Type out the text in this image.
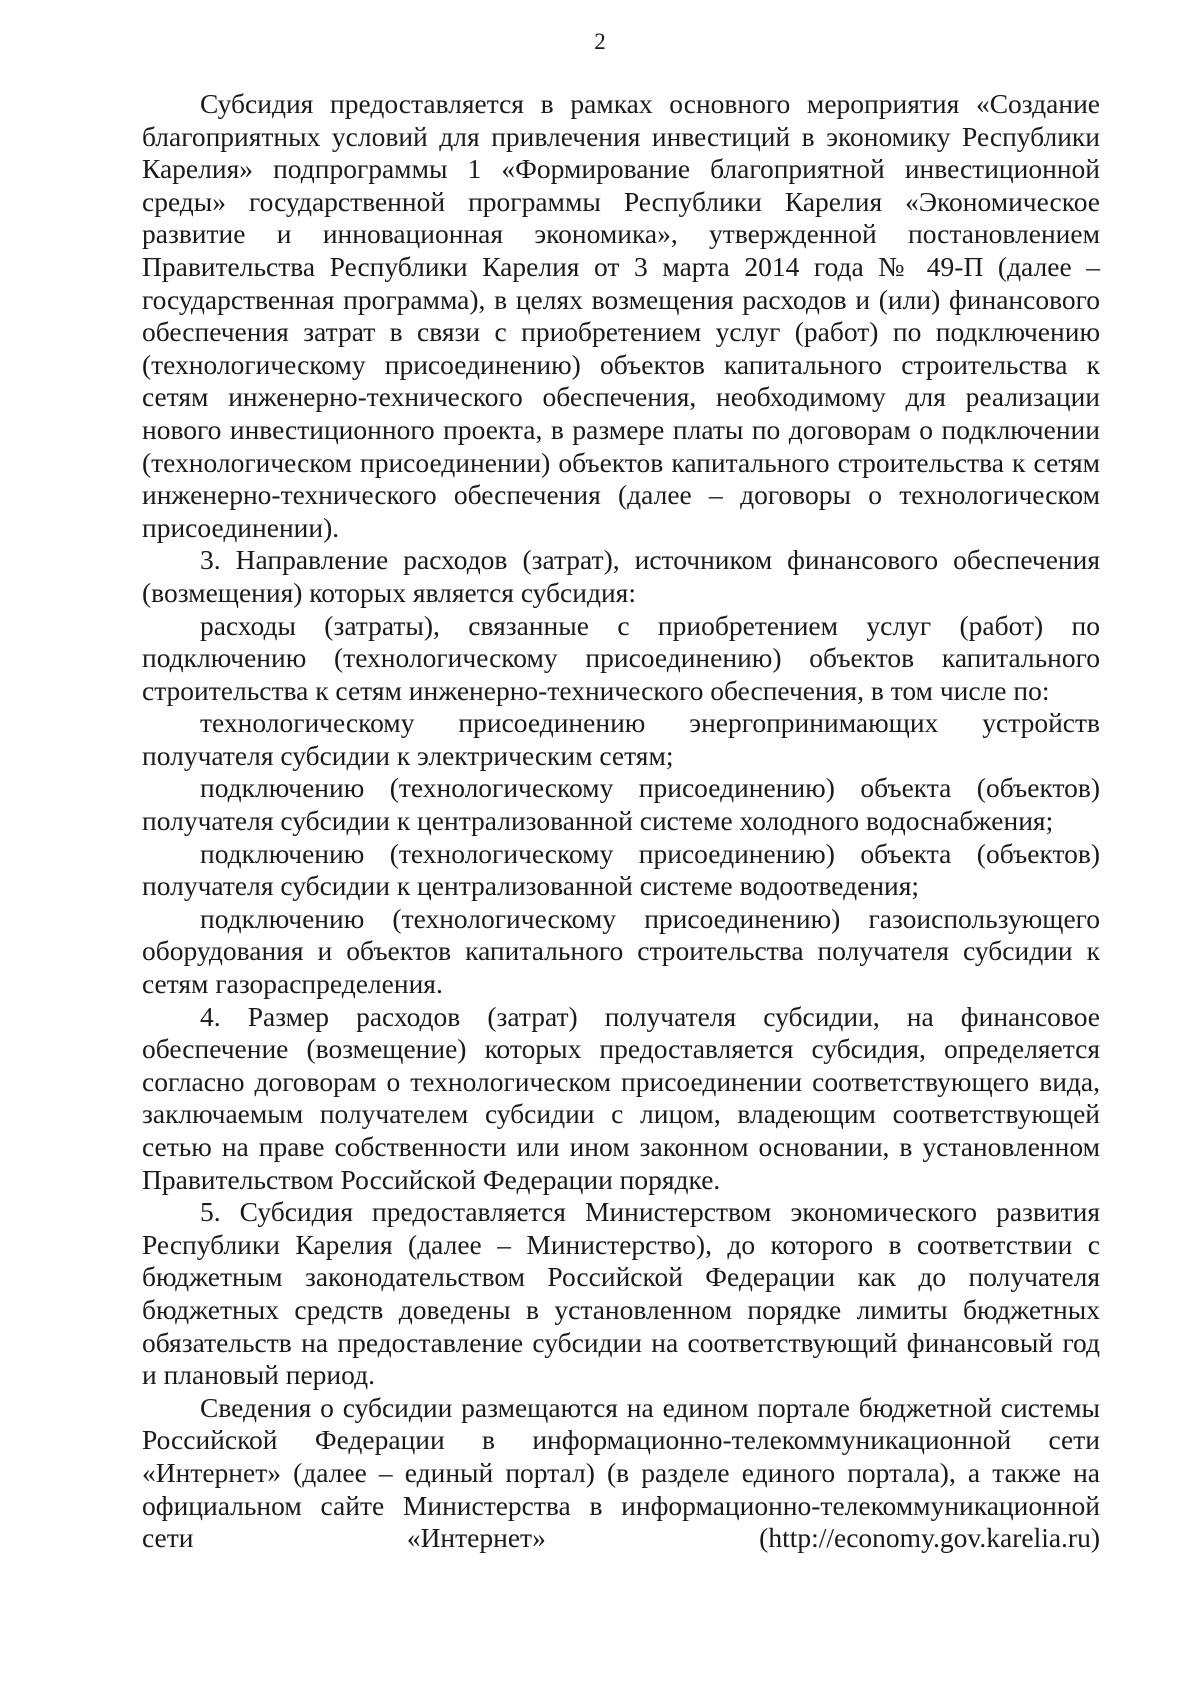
2

Субсидия предоставляется в рамках основного мероприятия «Создание благоприятных условий для привлечения инвестиций в экономику Республики Карелия» подпрограммы 1 «Формирование благоприятной инвестиционной среды» государственной программы Республики Карелия «Экономическое развитие и инновационная экономика», утвержденной постановлением Правительства Республики Карелия от 3 марта 2014 года № 49-П (далее – государственная программа), в целях возмещения расходов и (или) финансового обеспечения затрат в связи с приобретением услуг (работ) по подключению (технологическому присоединению) объектов капитального строительства к сетям инженерно-технического обеспечения, необходимому для реализации нового инвестиционного проекта, в размере платы по договорам о подключении (технологическом присоединении) объектов капитального строительства к сетям инженерно-технического обеспечения (далее – договоры о технологическом присоединении).

3. Направление расходов (затрат), источником финансового обеспечения (возмещения) которых является субсидия:

расходы (затраты), связанные с приобретением услуг (работ) по подключению (технологическому присоединению) объектов капитального строительства к сетям инженерно-технического обеспечения, в том числе по:

технологическому присоединению энергопринимающих устройств получателя субсидии к электрическим сетям;

подключению (технологическому присоединению) объекта (объектов) получателя субсидии к централизованной системе холодного водоснабжения;

подключению (технологическому присоединению) объекта (объектов) получателя субсидии к централизованной системе водоотведения;

подключению (технологическому присоединению) газоиспользующего оборудования и объектов капитального строительства получателя субсидии к сетям газораспределения.

4. Размер расходов (затрат) получателя субсидии, на финансовое обеспечение (возмещение) которых предоставляется субсидия, определяется согласно договорам о технологическом присоединении соответствующего вида, заключаемым получателем субсидии с лицом, владеющим соответствующей сетью на праве собственности или ином законном основании, в установленном Правительством Российской Федерации порядке.

5. Субсидия предоставляется Министерством экономического развития Республики Карелия (далее – Министерство), до которого в соответствии с бюджетным законодательством Российской Федерации как до получателя бюджетных средств доведены в установленном порядке лимиты бюджетных обязательств на предоставление субсидии на соответствующий финансовый год и плановый период.

Сведения о субсидии размещаются на едином портале бюджетной системы Российской Федерации в информационно-телекоммуникационной сети «Интернет» (далее – единый портал) (в разделе единого портала), а также на официальном сайте Министерства в информационно-телекоммуникационной сети «Интернет» (http://economy.gov.karelia.ru)
